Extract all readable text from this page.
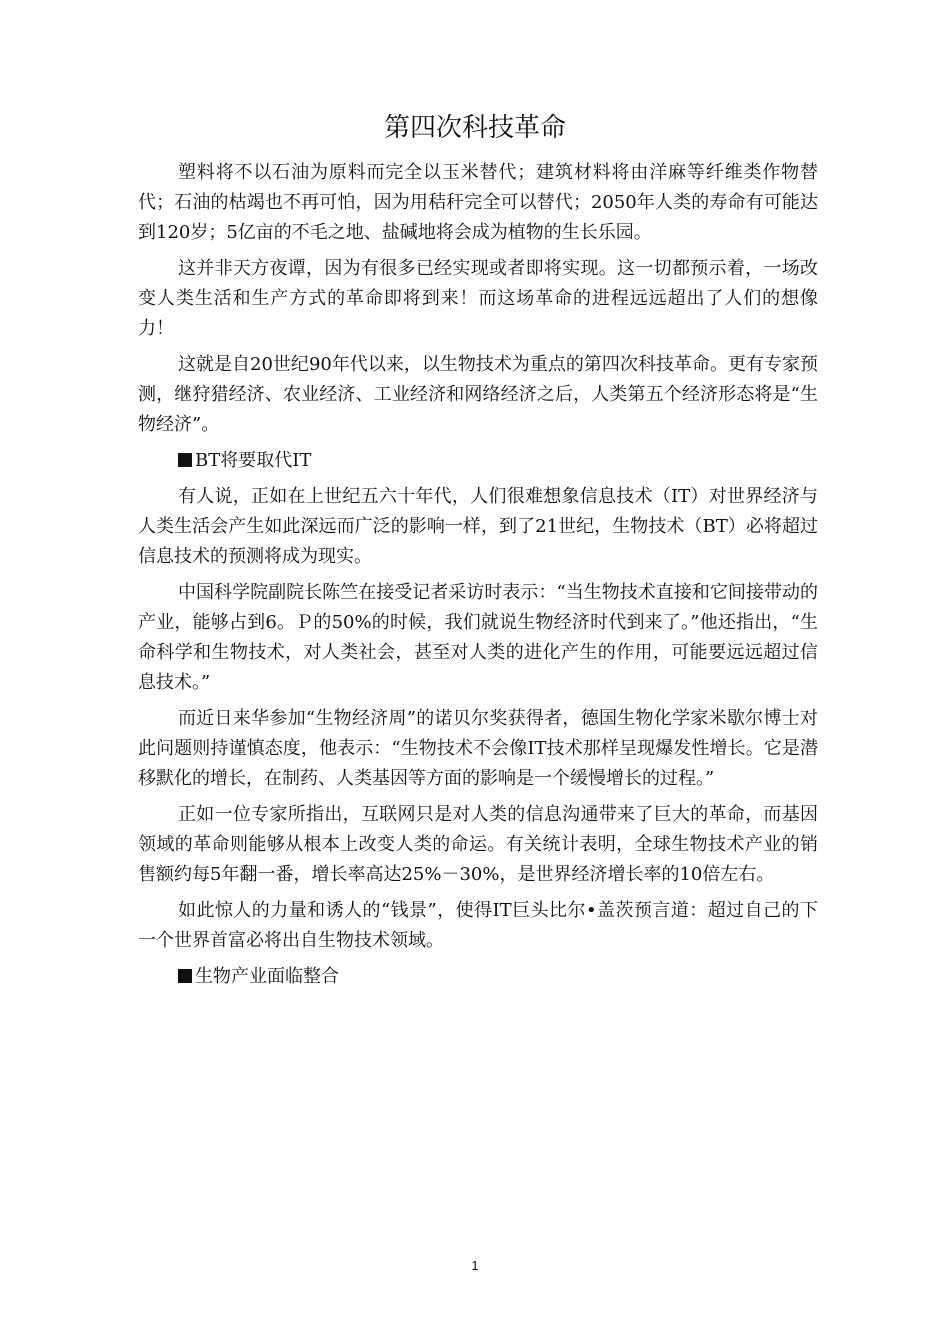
第四次科技革命

塑料将不以石油为原料而完全以玉米替代；建筑材料将由洋麻等纤维类作物替代；石油的枯竭也不再可怕，因为用秸秆完全可以替代；2050年人类的寿命有可能达到120岁；5亿亩的不毛之地、盐碱地将会成为植物的生长乐园。

这并非天方夜谭，因为有很多已经实现或者即将实现。这一切都预示着，一场改变人类生活和生产方式的革命即将到来！而这场革命的进程远远超出了人们的想像力！

这就是自20世纪90年代以来，以生物技术为重点的第四次科技革命。更有专家预测，继狩猎经济、农业经济、工业经济和网络经济之后，人类第五个经济形态将是“生物经济”。

BT将要取代IT

有人说，正如在上世纪五六十年代，人们很难想象信息技术（IT）对世界经济与人类生活会产生如此深远而广泛的影响一样，到了21世纪，生物技术（BT）必将超过信息技术的预测将成为现实。

中国科学院副院长陈竺在接受记者采访时表示：“当生物技术直接和它间接带动的产业，能够占到6。Ｐ的50%的时候，我们就说生物经济时代到来了。”他还指出，“生命科学和生物技术，对人类社会，甚至对人类的进化产生的作用，可能要远远超过信息技术。”

而近日来华参加“生物经济周”的诺贝尔奖获得者，德国生物化学家米歇尔博士对此问题则持谨慎态度，他表示：“生物技术不会像IT技术那样呈现爆发性增长。它是潜移默化的增长，在制药、人类基因等方面的影响是一个缓慢增长的过程。”

正如一位专家所指出，互联网只是对人类的信息沟通带来了巨大的革命，而基因领域的革命则能够从根本上改变人类的命运。有关统计表明，全球生物技术产业的销售额约每5年翻一番，增长率高达25%－30%，是世界经济增长率的10倍左右。

如此惊人的力量和诱人的“钱景”，使得IT巨头比尔•盖茨预言道：超过自己的下一个世界首富必将出自生物技术领域。

生物产业面临整合

1
